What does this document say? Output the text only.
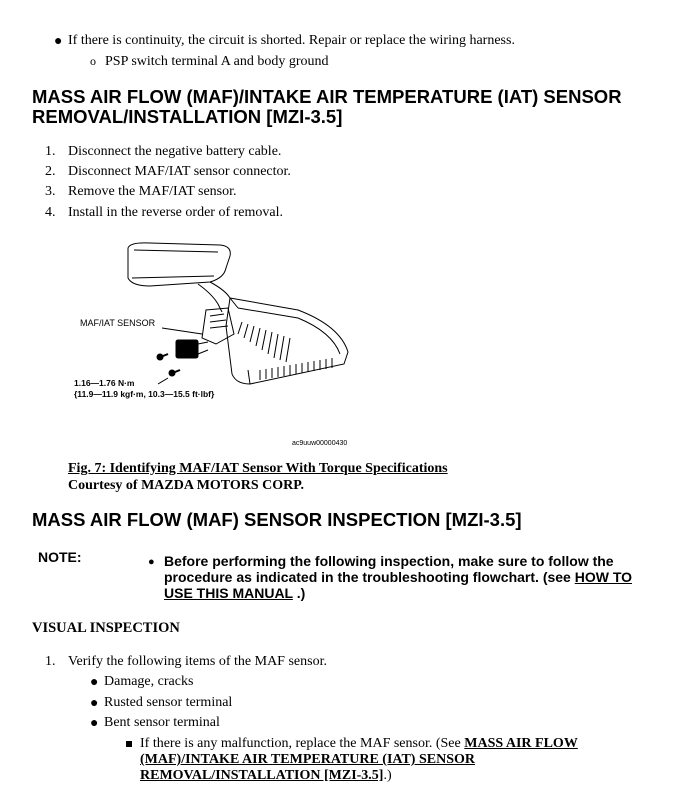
● If there is continuity, the circuit is shorted. Repair or replace the wiring harness.
o PSP switch terminal A and body ground
MASS AIR FLOW (MAF)/INTAKE AIR TEMPERATURE (IAT) SENSOR
REMOVAL/INSTALLATION [MZI-3.5]
1. Disconnect the negative battery cable.
2. Disconnect MAF/IAT sensor connector.
3. Remove the MAF/IAT sensor.
4. Install in the reverse order of removal.
MAF/IAT SENSOR
1.16—1.76 N·m
{11.9—11.9 kgf·m, 10.3—15.5 ft·lbf}
ac9uuw00000430
Fig. 7: Identifying MAF/IAT Sensor With Torque Specifications
Courtesy of MAZDA MOTORS CORP.
MASS AIR FLOW (MAF) SENSOR INSPECTION [MZI-3.5]
NOTE:	● Before performing the following inspection, make sure to follow the
procedure as indicated in the troubleshooting flowchart. (see HOW TO
USE THIS MANUAL .)
VISUAL INSPECTION
1. Verify the following items of the MAF sensor.
● Damage, cracks
● Rusted sensor terminal
● Bent sensor terminal
If there is any malfunction, replace the MAF sensor. (See MASS AIR FLOW
(MAF)/INTAKE AIR TEMPERATURE (IAT) SENSOR
REMOVAL/INSTALLATION [MZI-3.5].)
